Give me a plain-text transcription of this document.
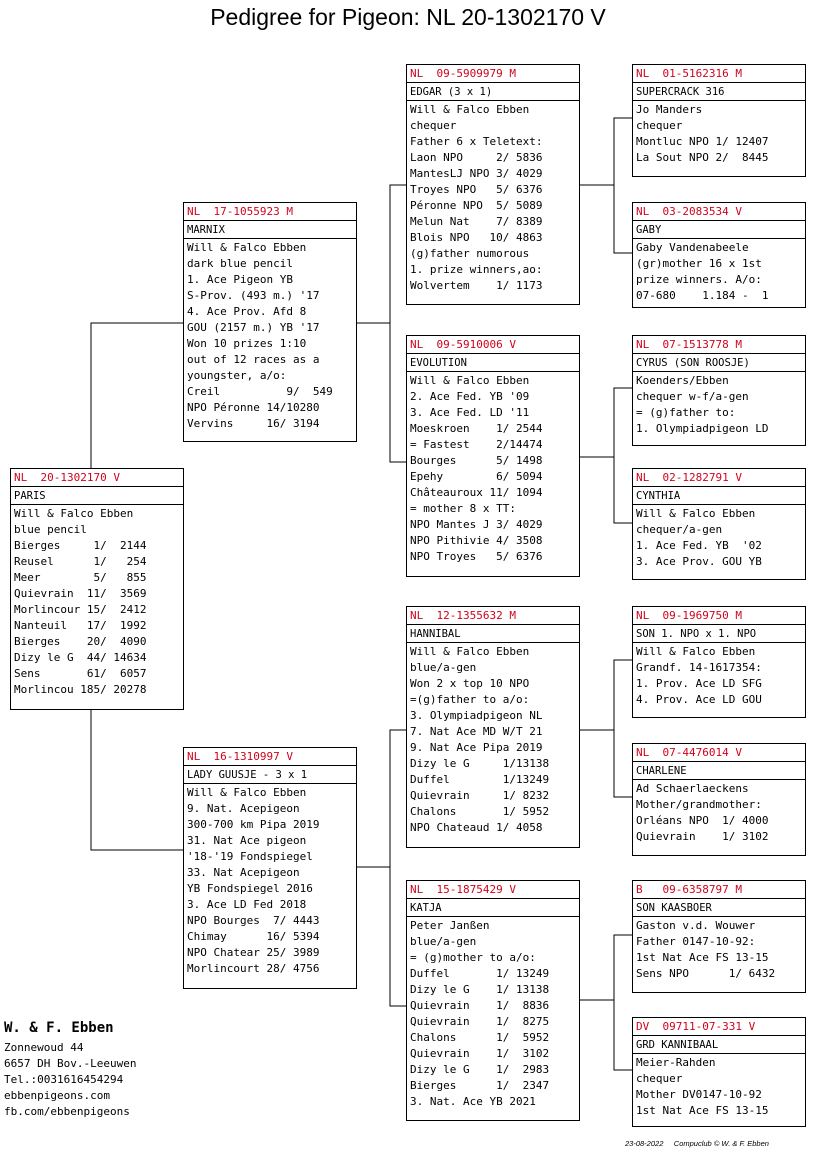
Pedigree for Pigeon: NL 20-1302170 V
NL  20-1302170 V
PARIS
Will & Falco Ebben
blue pencil
Bierges     1/  2144
Reusel      1/   254
Meer        5/   855
Quievrain  11/  3569
Morlincour 15/  2412
Nanteuil   17/  1992
Bierges    20/  4090
Dizy le G  44/ 14634
Sens       61/  6057
Morlincou 185/ 20278
NL  17-1055923 M
MARNIX
Will & Falco Ebben
dark blue pencil
1. Ace Pigeon YB
S-Prov. (493 m.) '17
4. Ace Prov. Afd 8
GOU (2157 m.) YB '17
Won 10 prizes 1:10
out of 12 races as a
youngster, a/o:
Creil          9/  549
NPO Péronne 14/10280
Vervins     16/ 3194
NL  16-1310997 V
LADY GUUSJE - 3 x 1
Will & Falco Ebben
9. Nat. Acepigeon
300-700 km Pipa 2019
31. Nat Ace pigeon
'18-'19 Fondspiegel
33. Nat Acepigeon
YB Fondspiegel 2016
3. Ace LD Fed 2018
NPO Bourges  7/ 4443
Chimay      16/ 5394
NPO Chatear 25/ 3989
Morlincourt 28/ 4756
NL  09-5909979 M
EDGAR (3 x 1)
Will & Falco Ebben
chequer
Father 6 x Teletext:
Laon NPO     2/ 5836
MantesLJ NPO 3/ 4029
Troyes NPO   5/ 6376
Péronne NPO  5/ 5089
Melun Nat    7/ 8389
Blois NPO   10/ 4863
(g)father numorous
1. prize winners,ao:
Wolvertem    1/ 1173
NL  09-5910006 V
EVOLUTION
Will & Falco Ebben
2. Ace Fed. YB '09
3. Ace Fed. LD '11
Moeskroen    1/ 2544
= Fastest    2/14474
Bourges      5/ 1498
Epehy        6/ 5094
Châteauroux 11/ 1094
= mother 8 x TT:
NPO Mantes J 3/ 4029
NPO Pithivie 4/ 3508
NPO Troyes   5/ 6376
NL  12-1355632 M
HANNIBAL
Will & Falco Ebben
blue/a-gen
Won 2 x top 10 NPO
=(g)father to a/o:
3. Olympiadpigeon NL
7. Nat Ace MD W/T 21
9. Nat Ace Pipa 2019
Dizy le G     1/13138
Duffel        1/13249
Quievrain     1/ 8232
Chalons       1/ 5952
NPO Chateaud 1/ 4058
NL  15-1875429 V
KATJA
Peter Janßen
blue/a-gen
= (g)mother to a/o:
Duffel       1/ 13249
Dizy le G    1/ 13138
Quievrain    1/  8836
Quievrain    1/  8275
Chalons      1/  5952
Quievrain    1/  3102
Dizy le G    1/  2983
Bierges      1/  2347
3. Nat. Ace YB 2021
NL  01-5162316 M
SUPERCRACK 316
Jo Manders
chequer
Montluc NPO 1/ 12407
La Sout NPO 2/  8445
NL  03-2083534 V
GABY
Gaby Vandenabeele
(gr)mother 16 x 1st
prize winners. A/o:
07-680    1.184 -  1
NL  07-1513778 M
CYRUS (SON ROOSJE)
Koenders/Ebben
chequer w-f/a-gen
= (g)father to:
1. Olympiadpigeon LD
NL  02-1282791 V
CYNTHIA
Will & Falco Ebben
chequer/a-gen
1. Ace Fed. YB  '02
3. Ace Prov. GOU YB
NL  09-1969750 M
SON 1. NPO x 1. NPO
Will & Falco Ebben
Grandf. 14-1617354:
1. Prov. Ace LD SFG
4. Prov. Ace LD GOU
NL  07-4476014 V
CHARLENE
Ad Schaerlaeckens
Mother/grandmother:
Orléans NPO  1/ 4000
Quievrain    1/ 3102
B   09-6358797 M
SON KAASBOER
Gaston v.d. Wouwer
Father 0147-10-92:
1st Nat Ace FS 13-15
Sens NPO      1/ 6432
DV  09711-07-331 V
GRD KANNIBAAL
Meier-Rahden
chequer
Mother DV0147-10-92
1st Nat Ace FS 13-15
W. & F. Ebben
Zonnewoud 44
6657 DH Bov.-Leeuwen
Tel.:0031616454294
ebbenpigeons.com
fb.com/ebbenpigeons
23-08-2022 Compuclub © W. & F. Ebben
